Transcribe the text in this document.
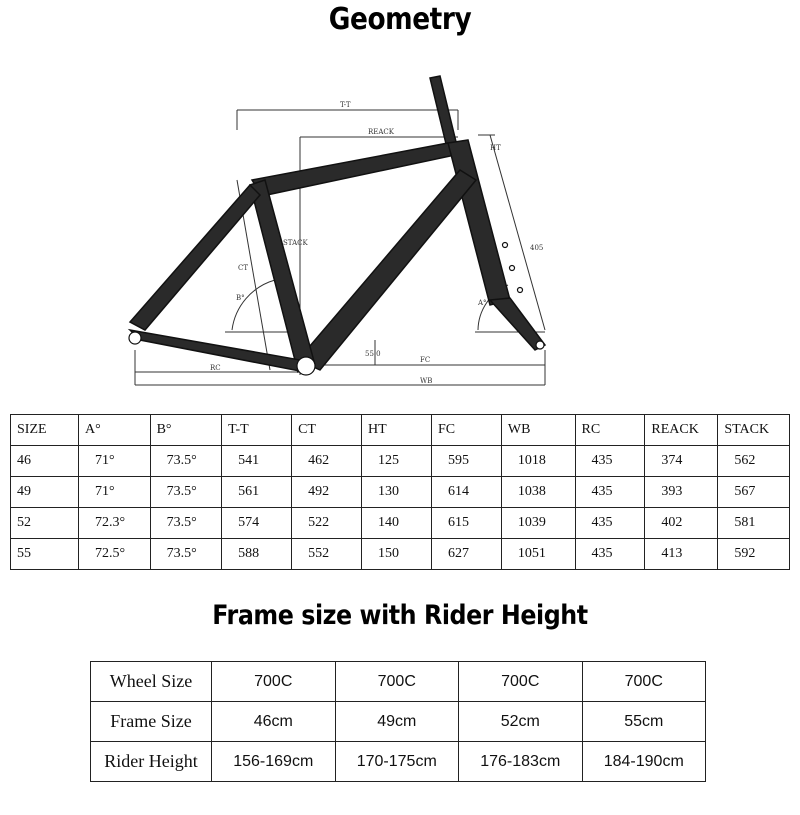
Geometry
T-T
REACK
HT
STACK
CT
B°
A°
RC
FC
WB
55.0
405
SIZE	A°	B°	T-T	CT	HT	FC	WB	RC	REACK	STACK
46	71°	73.5°	541	462	125	595	1018	435	374	562
49	71°	73.5°	561	492	130	614	1038	435	393	567
52	72.3°	73.5°	574	522	140	615	1039	435	402	581
55	72.5°	73.5°	588	552	150	627	1051	435	413	592
Frame size with Rider Height
Wheel Size	700C	700C	700C	700C
Frame Size	46cm	49cm	52cm	55cm
Rider Height	156-169cm	170-175cm	176-183cm	184-190cm
